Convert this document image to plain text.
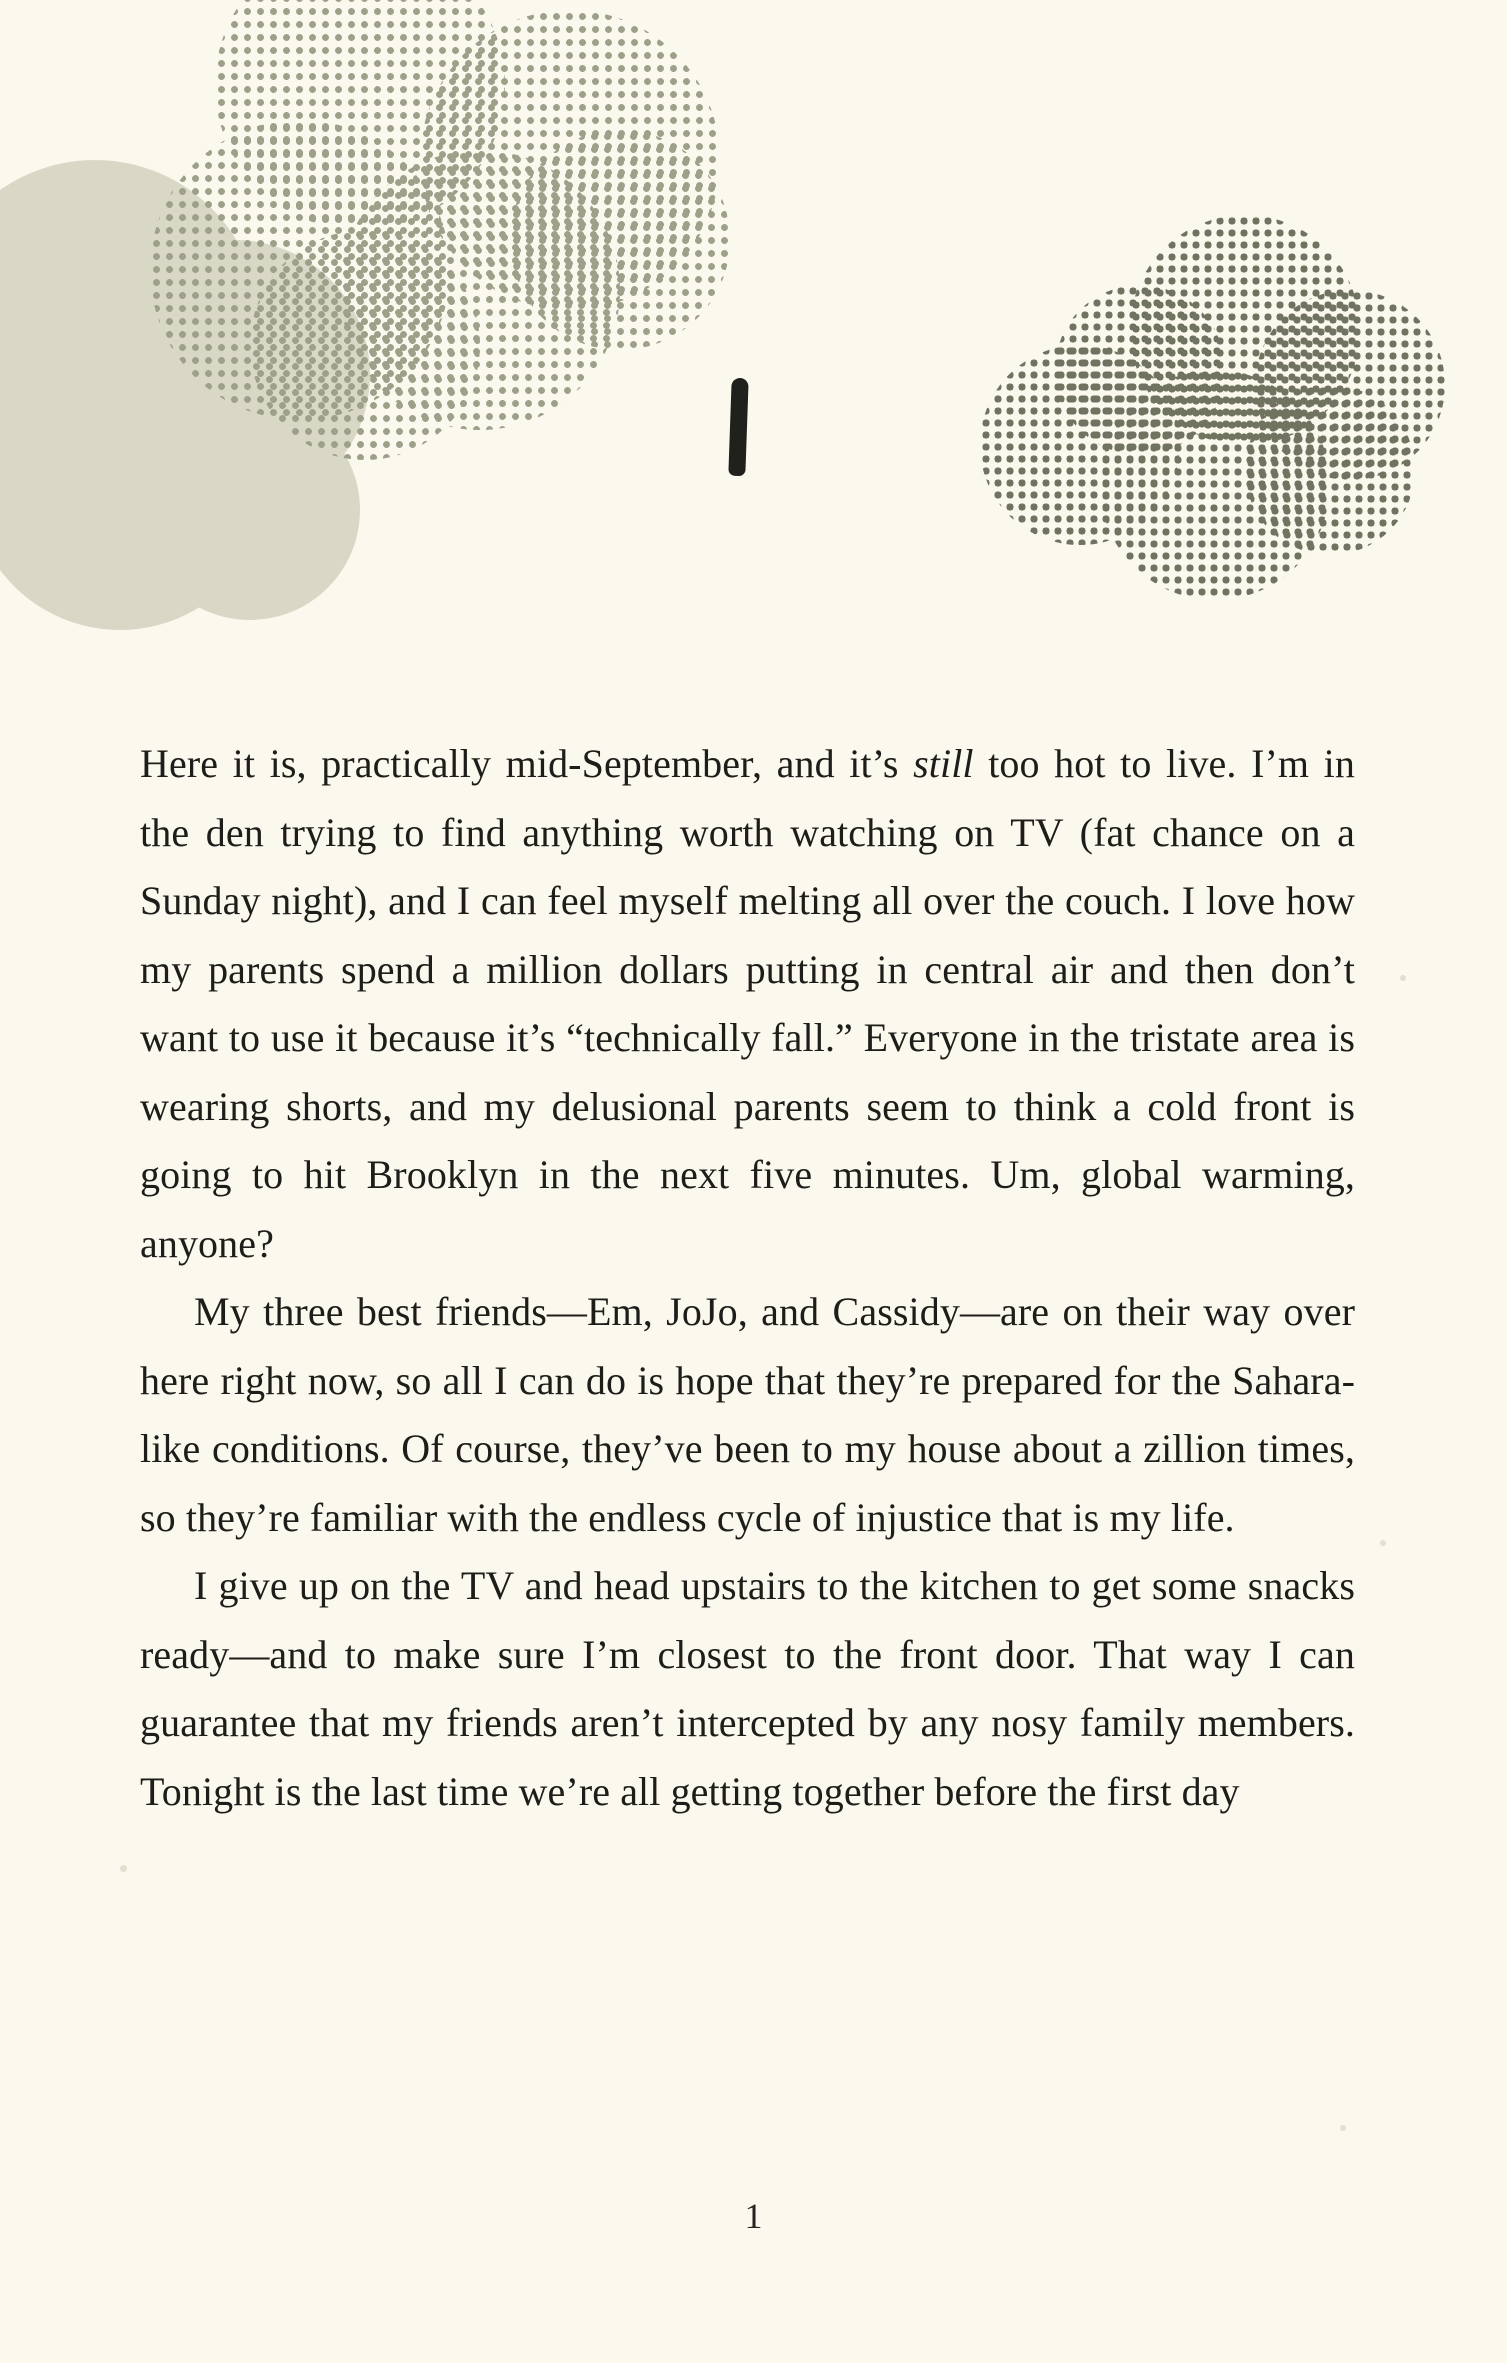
Here it is, practically mid-September, and it’s still too hot to live. I’m in the den trying to find anything worth watching on TV (fat chance on a Sunday night), and I can feel myself melting all over the couch. I love how my parents spend a million dollars putting in central air and then don’t want to use it because it’s “technically fall.” Everyone in the tristate area is wearing shorts, and my delusional parents seem to think a cold front is going to hit Brooklyn in the next five minutes. Um, global warming, anyone?

My three best friends—Em, JoJo, and Cassidy—are on their way over here right now, so all I can do is hope that they’re prepared for the Sahara-like conditions. Of course, they’ve been to my house about a zillion times, so they’re familiar with the endless cycle of injustice that is my life.

I give up on the TV and head upstairs to the kitchen to get some snacks ready—and to make sure I’m closest to the front door. That way I can guarantee that my friends aren’t intercepted by any nosy family members. Tonight is the last time we’re all getting together before the first day

1
